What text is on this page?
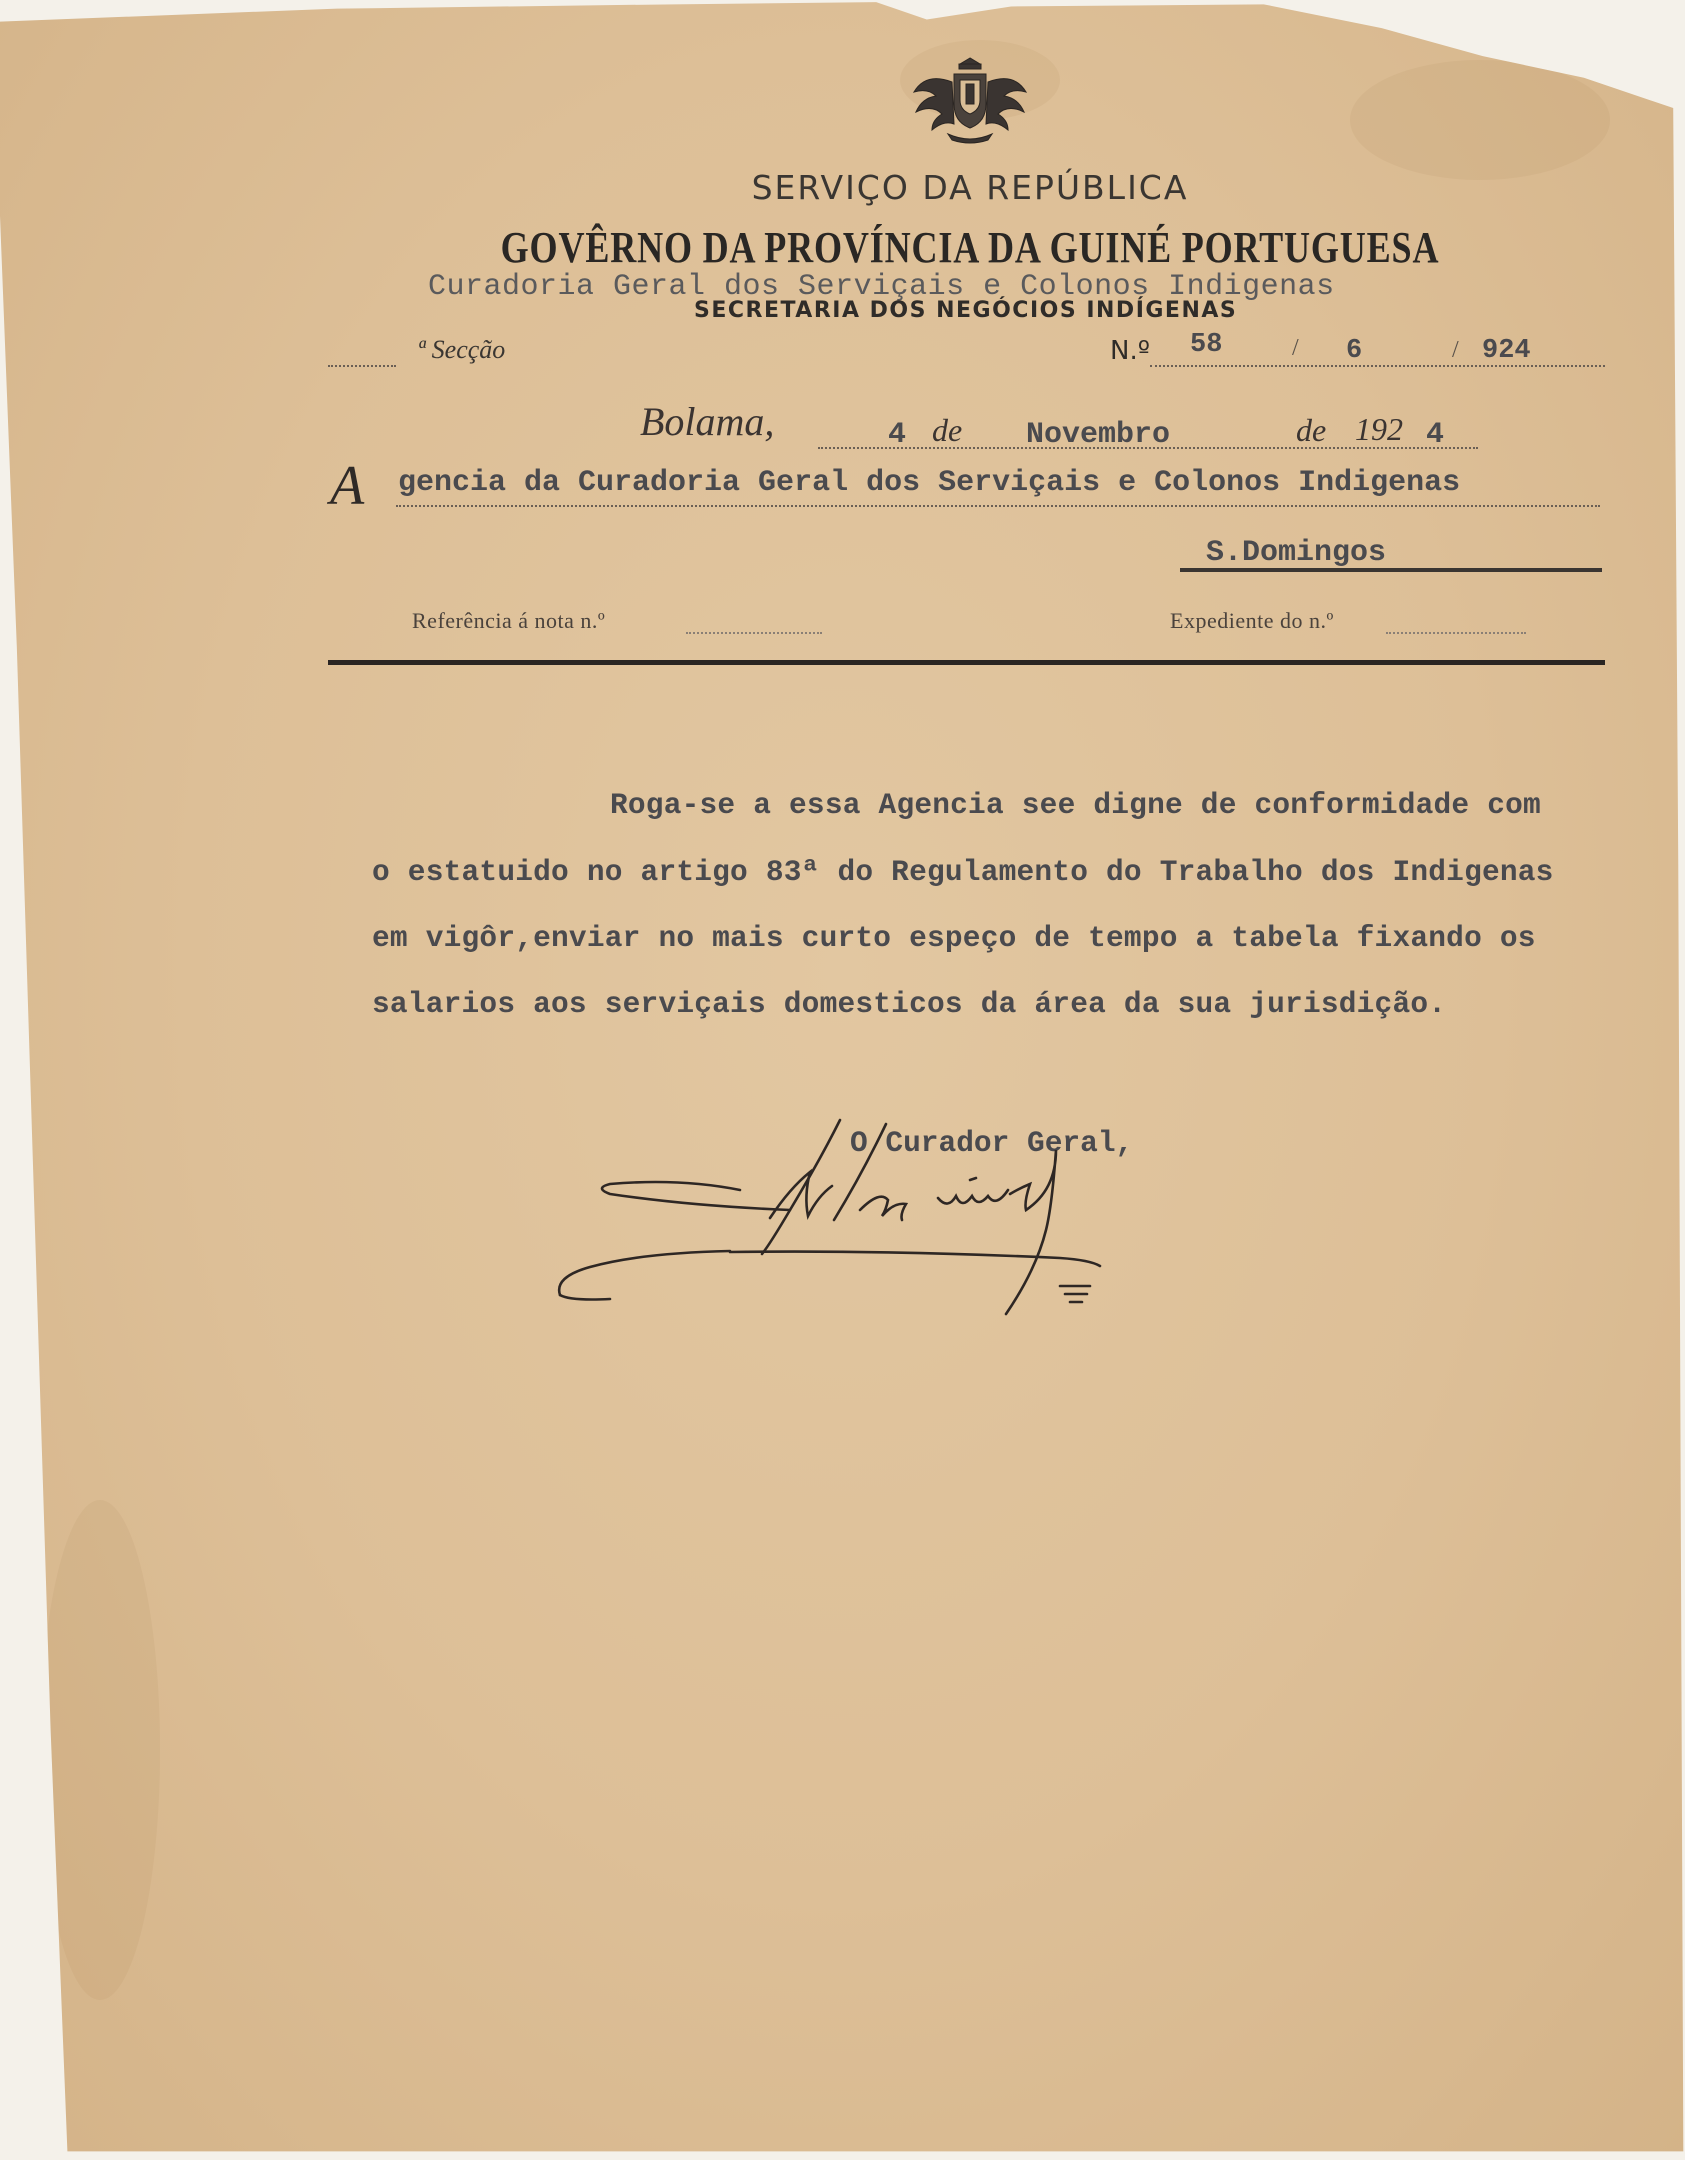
SERVIÇO DA REPÚBLICA
GOVÊRNO DA PROVÍNCIA DA GUINÉ PORTUGUESA
Curadoria Geral dos Serviçais e Colonos Indigenas
SECRETARIA DOS NEGÓCIOS INDÍGENAS
ª Secção	N.º 58	/ 6	/ 924
Bolama,	4 de Novembro	de 192 4
A gencia da Curadoria Geral dos Serviçais e Colonos Indigenas
S.Domingos
Referência á nota n.º	Expediente do n.º
Roga-se a essa Agencia see digne de conformidade com
o estatuido no artigo 83ª do Regulamento do Trabalho dos Indigenas
em vigôr,enviar no mais curto espeço de tempo a tabela fixando os
salarios aos serviçais domesticos da área da sua jurisdição.
O Curador Geral,
